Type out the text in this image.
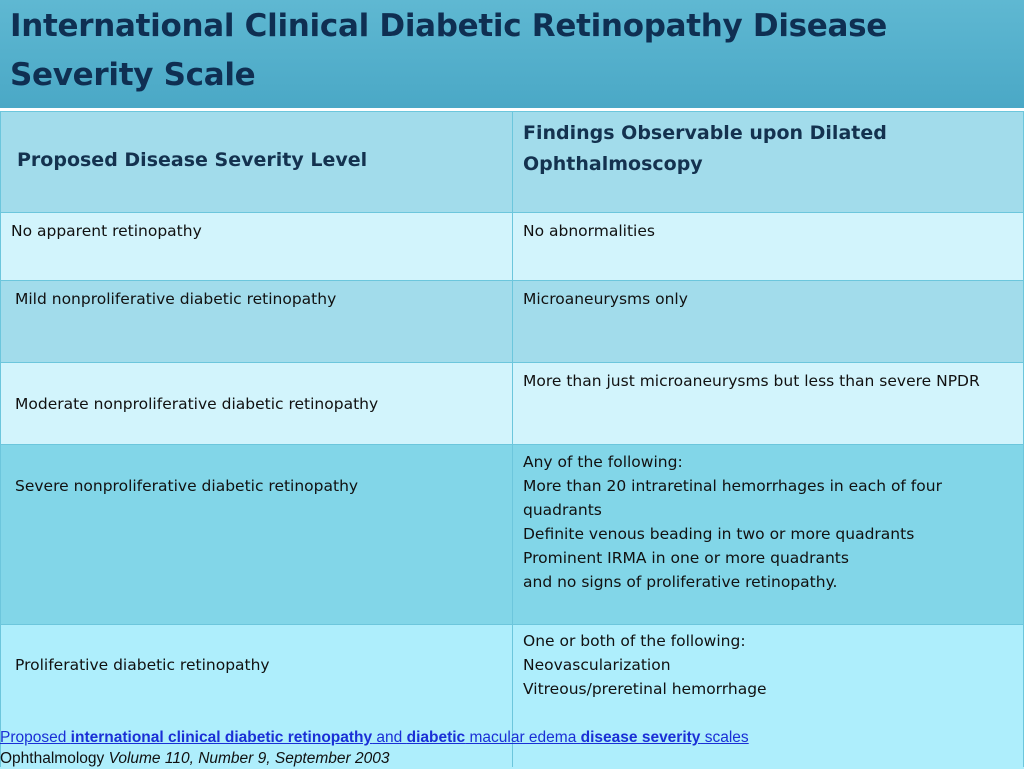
International Clinical Diabetic Retinopathy Disease Severity Scale
Proposed Disease Severity Level	Findings Observable upon Dilated Ophthalmoscopy

No apparent retinopathy	No abnormalities

Mild nonproliferative diabetic retinopathy	Microaneurysms only

Moderate nonproliferative diabetic retinopathy	More than just microaneurysms but less than severe NPDR

Severe nonproliferative diabetic retinopathy	Any of the following:
More than 20 intraretinal hemorrhages in each of four quadrants
Definite venous beading in two or more quadrants
Prominent IRMA in one or more quadrants
and no signs of proliferative retinopathy.

Proliferative diabetic retinopathy	One or both of the following:
Neovascularization
Vitreous/preretinal hemorrhage
Proposed international clinical diabetic retinopathy and diabetic macular edema disease severity scales
Ophthalmology Volume 110, Number 9, September 2003
